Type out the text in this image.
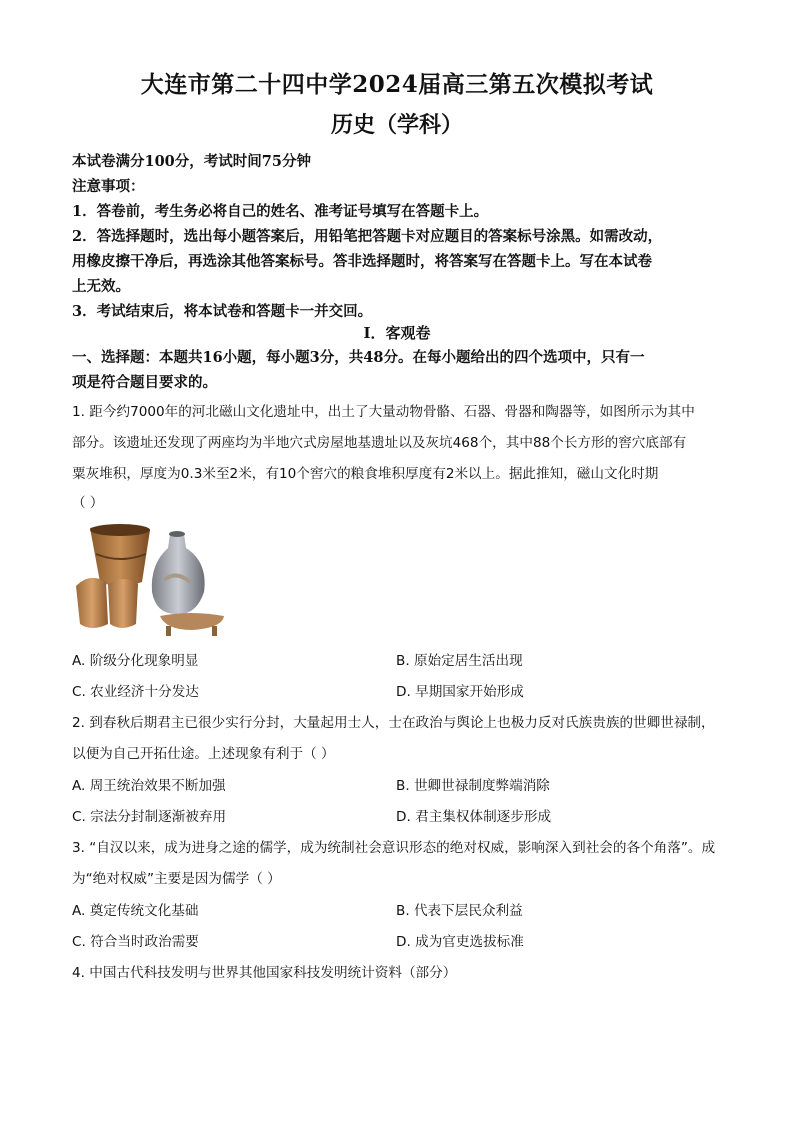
大连市第二十四中学2024届高三第五次模拟考试
历史（学科）
本试卷满分100分，考试时间75分钟
注意事项：
1．答卷前，考生务必将自己的姓名、准考证号填写在答题卡上。
2．答选择题时，选出每小题答案后，用铅笔把答题卡对应题目的答案标号涂黑。如需改动，
用橡皮擦干净后，再选涂其他答案标号。答非选择题时，将答案写在答题卡上。写在本试卷
上无效。
3．考试结束后，将本试卷和答题卡一并交回。
Ⅰ．客观卷
一、选择题：本题共16小题，每小题3分，共48分。在每小题给出的四个选项中，只有一
项是符合题目要求的。
1. 距今约7000年的河北磁山文化遗址中，出土了大量动物骨骼、石器、骨器和陶器等，如图所示为其中
部分。该遗址还发现了两座均为半地穴式房屋地基遗址以及灰坑468个，其中88个长方形的窖穴底部有
粟灰堆积，厚度为0.3米至2米，有10个窖穴的粮食堆积厚度有2米以上。据此推知，磁山文化时期
（ ）
A. 阶级分化现象明显	B. 原始定居生活出现
C. 农业经济十分发达	D. 早期国家开始形成
2. 到春秋后期君主已很少实行分封，大量起用士人，士在政治与舆论上也极力反对氏族贵族的世卿世禄制，
以便为自己开拓仕途。上述现象有利于（ ）
A. 周王统治效果不断加强	B. 世卿世禄制度弊端消除
C. 宗法分封制逐渐被弃用	D. 君主集权体制逐步形成
3. “自汉以来，成为进身之途的儒学，成为统制社会意识形态的绝对权威，影响深入到社会的各个角落”。成
为“绝对权威”主要是因为儒学（ ）
A. 奠定传统文化基础	B. 代表下层民众利益
C. 符合当时政治需要	D. 成为官吏选拔标准
4. 中国古代科技发明与世界其他国家科技发明统计资料（部分）
